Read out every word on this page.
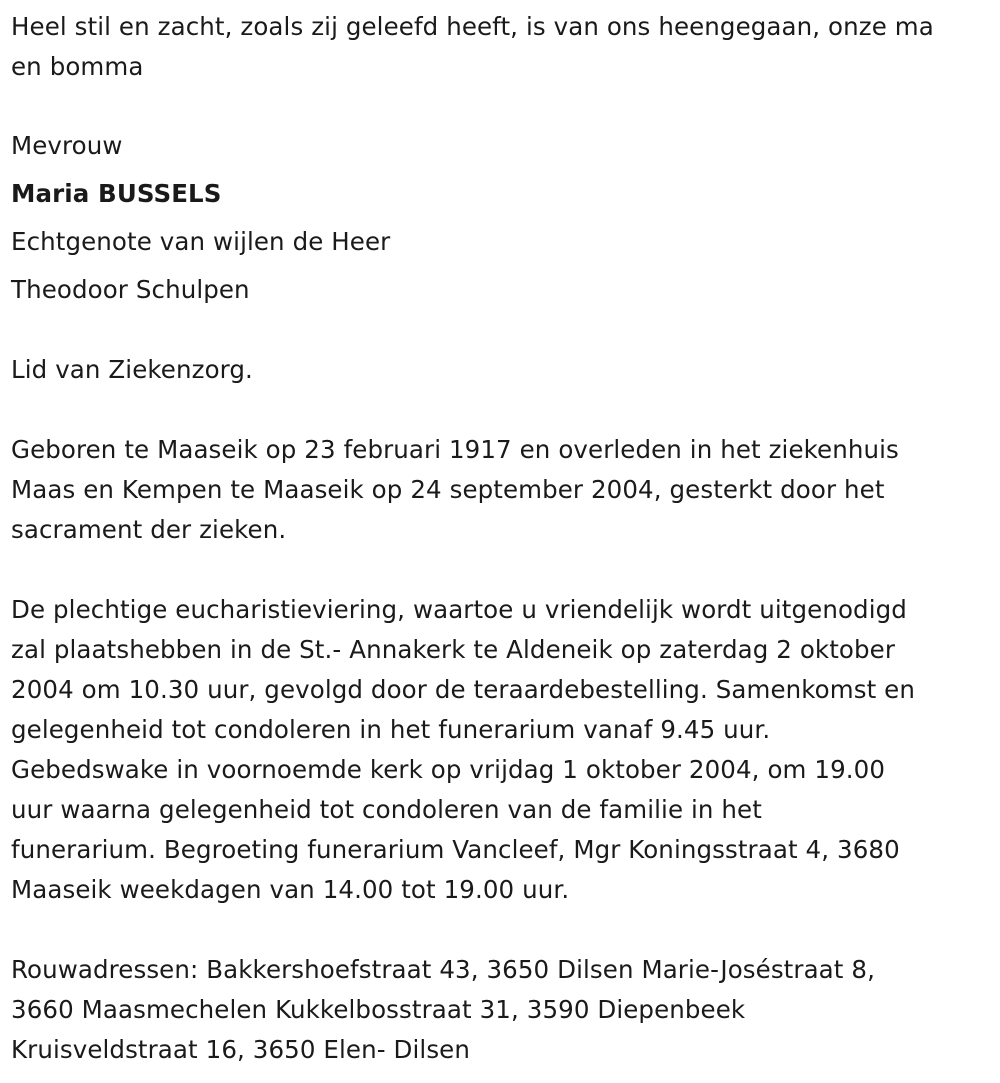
Heel stil en zacht, zoals zij geleefd heeft, is van ons heengegaan, onze ma
en bomma
Mevrouw
Maria BUSSELS
Echtgenote van wijlen de Heer
Theodoor Schulpen
Lid van Ziekenzorg.
Geboren te Maaseik op 23 februari 1917 en overleden in het ziekenhuis
Maas en Kempen te Maaseik op 24 september 2004, gesterkt door het
sacrament der zieken.
De plechtige eucharistieviering, waartoe u vriendelijk wordt uitgenodigd
zal plaatshebben in de St.- Annakerk te Aldeneik op zaterdag 2 oktober
2004 om 10.30 uur, gevolgd door de teraardebestelling. Samenkomst en
gelegenheid tot condoleren in het funerarium vanaf 9.45 uur.
Gebedswake in voornoemde kerk op vrijdag 1 oktober 2004, om 19.00
uur waarna gelegenheid tot condoleren van de familie in het
funerarium. Begroeting funerarium Vancleef, Mgr Koningsstraat 4, 3680
Maaseik weekdagen van 14.00 tot 19.00 uur.
Rouwadressen: Bakkershoefstraat 43, 3650 Dilsen Marie-Joséstraat 8,
3660 Maasmechelen Kukkelbosstraat 31, 3590 Diepenbeek
Kruisveldstraat 16, 3650 Elen- Dilsen
